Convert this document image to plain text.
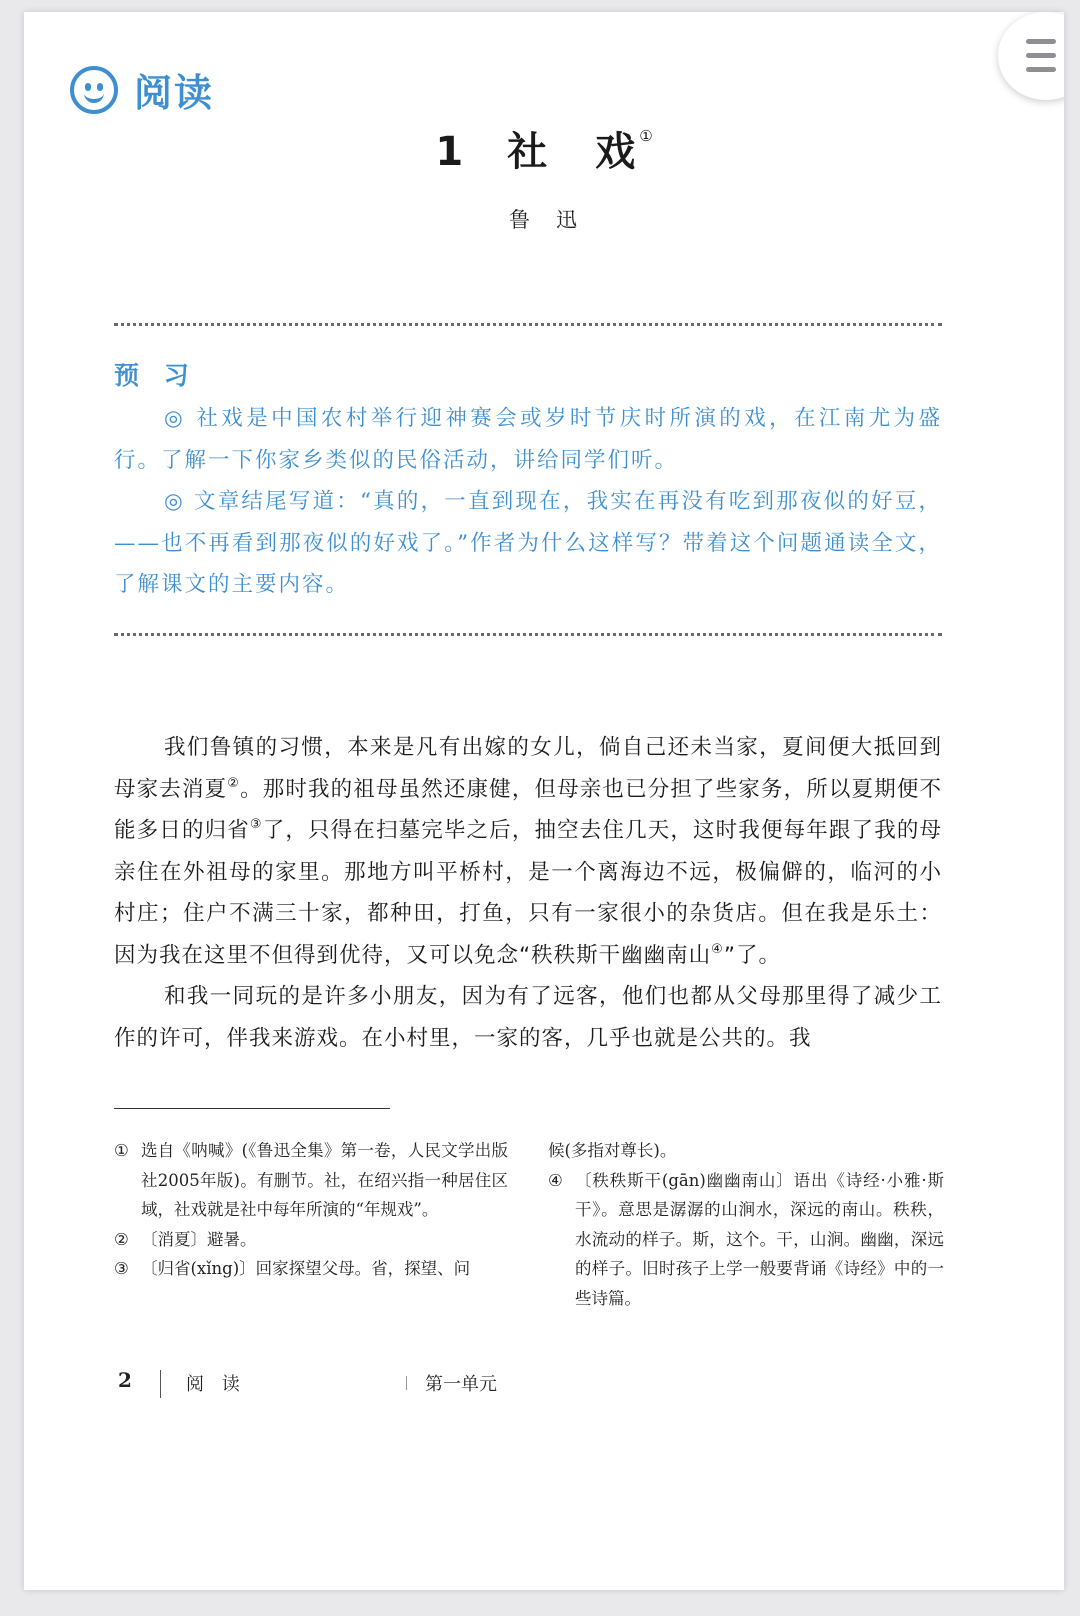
阅读
1 社 戏①
鲁 迅
预 习

◎ 社戏是中国农村举行迎神赛会或岁时节庆时所演的戏，在江南尤为盛行。了解一下你家乡类似的民俗活动，讲给同学们听。

◎ 文章结尾写道：“真的，一直到现在，我实在再没有吃到那夜似的好豆，——也不再看到那夜似的好戏了。”作者为什么这样写？带着这个问题通读全文，了解课文的主要内容。

我们鲁镇的习惯，本来是凡有出嫁的女儿，倘自己还未当家，夏间便大抵回到母家去消夏②。那时我的祖母虽然还康健，但母亲也已分担了些家务，所以夏期便不能多日的归省③了，只得在扫墓完毕之后，抽空去住几天，这时我便每年跟了我的母亲住在外祖母的家里。那地方叫平桥村，是一个离海边不远，极偏僻的，临河的小村庄；住户不满三十家，都种田，打鱼，只有一家很小的杂货店。但在我是乐土：因为我在这里不但得到优待，又可以免念“秩秩斯干幽幽南山④”了。

和我一同玩的是许多小朋友，因为有了远客，他们也都从父母那里得了减少工作的许可，伴我来游戏。在小村里，一家的客，几乎也就是公共的。我

① 选自《呐喊》(《鲁迅全集》第一卷，人民文学出版社2005年版)。有删节。社，在绍兴指一种居住区域，社戏就是社中每年所演的“年规戏”。

② 〔消夏〕避暑。

③ 〔归省(xǐng)〕回家探望父母。省，探望、问

候(多指对尊长)。

④ 〔秩秩斯干(gān)幽幽南山〕语出《诗经·小雅·斯干》。意思是潺潺的山涧水，深远的南山。秩秩，水流动的样子。斯，这个。干，山涧。幽幽，深远的样子。旧时孩子上学一般要背诵《诗经》中的一些诗篇。

2	阅 读	第一单元
